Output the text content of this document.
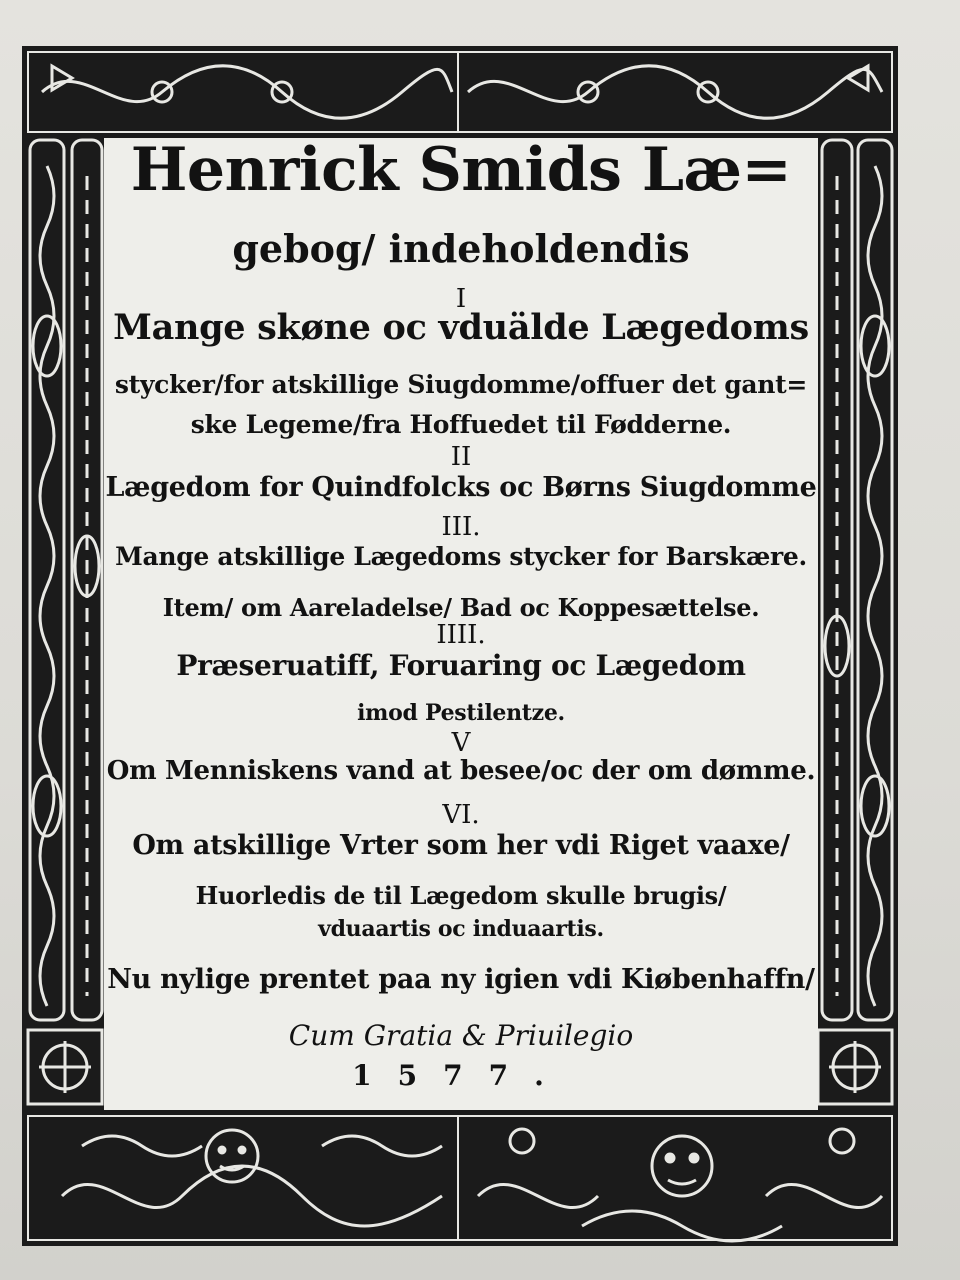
Henrick Smids Læ=
gebog/ indeholdendis
I
Mange skøne oc vduälde Lægedoms
stycker/for atskillige Siugdomme/offuer det gant=
ske Legeme/fra Hoffuedet til Fødderne.
II
Lægedom for Quindfolcks oc Børns Siugdomme
III.
Mange atskillige Lægedoms stycker for Barskære.
Item/ om Aareladelse/ Bad oc Koppesættelse.
IIII.
Præseruatiff, Foruaring oc Lægedom
imod Pestilentze.
V
Om Menniskens vand at besee/oc der om dømme.
VI.
Om atskillige Vrter som her vdi Riget vaaxe/
Huorledis de til Lægedom skulle brugis/
vduaartis oc induaartis.
Nu nylige prentet paa ny igien vdi Kiøbenhaffn/
Cum Gratia & Priuilegio
1577.
